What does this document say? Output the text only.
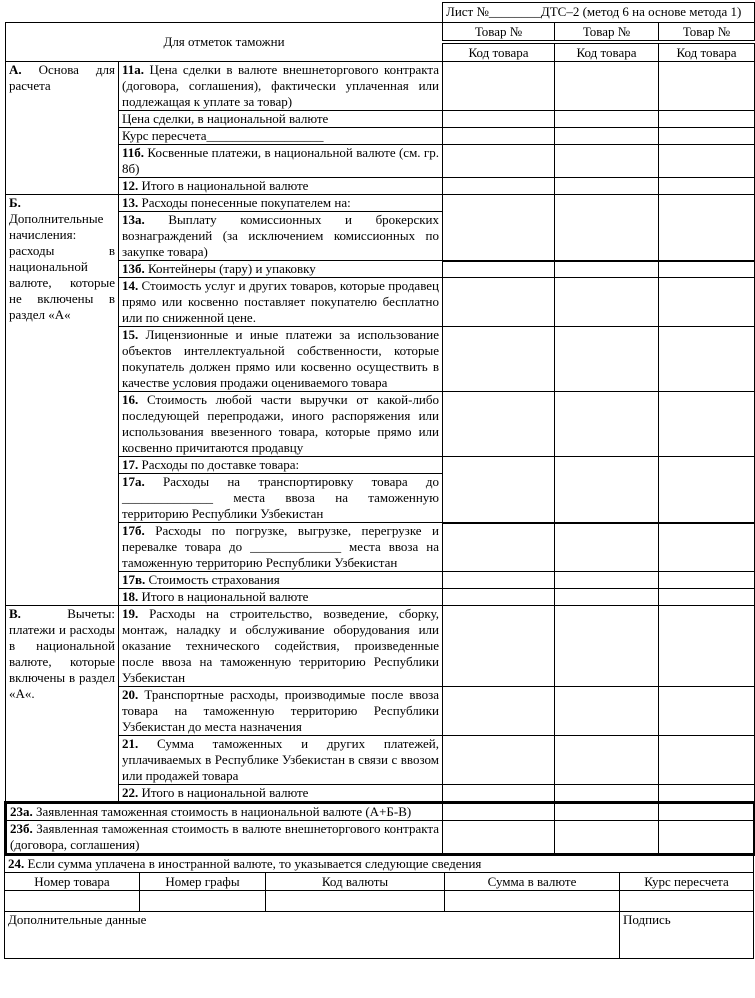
		Лист №________ДТС–2 (метод 6 на основе метода 1)		
Для отметок таможни		Товар №	Товар №	Товар №
		Код товара	Код товара	Код товара
А. Основа для расчета	11а. Цена сделки в валюте внешнеторгового контракта (договора, соглашения), фактически уплаченная или подлежащая к уплате за товар)			
	Цена сделки, в национальной валюте			
	Курс пересчета__________________			
	11б. Косвенные платежи, в национальной валюте (см. гр. 8б)			
	12. Итого в национальной валюте			
Б. Дополнительные начисления: расходы в национальной валюте, которые не включены в раздел «А«	13. Расходы понесенные покупателем на:			
	13а. Выплату комиссионных и брокерских вознаграждений (за исключением комиссионных по закупке товара)			
	13б. Контейнеры (тару) и упаковку			
	14. Стоимость услуг и других товаров, которые продавец прямо или косвенно поставляет покупателю бесплатно или по сниженной цене.			
	15. Лицензионные и иные платежи за использование объектов интеллектуальной собственности, которые покупатель должен прямо или косвенно осуществить в качестве условия продажи оцениваемого товара			
	16. Стоимость любой части выручки от какой-либо последующей перепродажи, иного распоряжения или использования ввезенного товара, которые прямо или косвенно причитаются продавцу			
	17. Расходы по доставке товара:			
	17а. Расходы на транспортировку товара до ______________ места ввоза на таможенную территорию Республики Узбекистан			
	17б. Расходы по погрузке, выгрузке, перегрузке и перевалке товара до ______________ места ввоза на таможенную территорию Республики Узбекистан			
	17в. Стоимость страхования			
	18. Итого в национальной валюте			
В. Вычеты: платежи и расходы в национальной валюте, которые включены в раздел «А«.	19. Расходы на строительство, возведение, сборку, монтаж, наладку и обслуживание оборудования или оказание технического содействия, произведенные после ввоза на таможенную территорию Республики Узбекистан			
	20. Транспортные расходы, производимые после ввоза товара на таможенную территорию Республики Узбекистан до места назначения			
	21. Сумма таможенных и других платежей, уплачиваемых в Республике Узбекистан в связи с ввозом или продажей товара			
	22. Итого в национальной валюте			
23а. Заявленная таможенная стоимость в национальной валюте (А+Б-В)				
23б. Заявленная таможенная стоимость в валюте внешнеторгового контракта (договора, соглашения)				
24. Если сумма уплачена в иностранной валюте, то указывается следующие сведения				
Номер товара	Номер графы	Код валюты	Сумма в валюте	Курс пересчета

Дополнительные данные				Подпись
